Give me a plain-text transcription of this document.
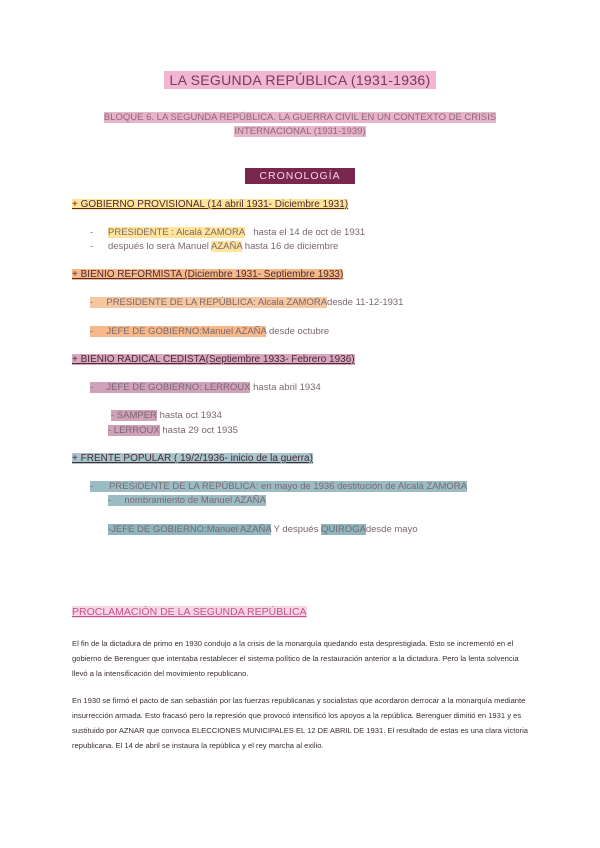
LA SEGUNDA REPÚBLICA (1931-1936)
BLOQUE 6. LA SEGUNDA REPÚBLICA. LA GUERRA CIVIL EN UN CONTEXTO DE CRISIS INTERNACIONAL (1931-1939)
CRONOLOGÍA
+ GOBIERNO PROVISIONAL (14 abril 1931- Diciembre 1931)
- PRESIDENTE : Alcalá ZAMORA hasta el 14 de oct de 1931
- después lo será Manuel AZAÑA hasta 16 de diciembre
+ BIENIO REFORMISTA (Diciembre 1931- Septiembre 1933)
-     PRESIDENTE DE LA REPÚBLICA: Alcala ZAMORAdesde 11-12-1931
-     JEFE DE GOBIERNO:Manuel AZAÑA desde octubre
+ BIENIO RADICAL CEDISTA(Septiembre 1933- Febrero 1936)
-     JEFE DE GOBIERNO: LERROUX hasta abril 1934
- SAMPER hasta oct 1934
- LERROUX hasta 29 oct 1935
+ FRENTE POPULAR ( 19/2/1936- inicio de la guerra)
-      PRESIDENTE DE LA REPÚBLICA: en mayo de 1936 destitución de Alcalá ZAMORA
-     nombramiento de Manuel AZAÑA
-JEFE DE GOBIERNO:Manuel AZAÑA Y después QUIROGAdesde mayo
PROCLAMACIÓN DE LA SEGUNDA REPÚBLICA
El fin de la dictadura de primo en 1930 condujo a la crisis de la monarquía quedando esta desprestigiada. Esto se incrementó en el gobierno de Berenguer que intentaba restablecer el sistema político de la restauración anterior a la dictadura. Pero la lenta solvencia llevó a la intensificación del movimiento republicano.
En 1930 se firmó el pacto de san sebastián por las fuerzas republicanas y socialistas que acordaron derrocar a la monarquía mediante insurrección armada. Esto fracasó pero la represión que provocó intensificó los apoyos a la república. Berenguer dimitió en 1931 y es sustituido por AZNAR que convoca ELECCIONES MUNICIPALES EL 12 DE ABRIL DE 1931. El resultado de estas es una clara victoria republicana. El 14 de abril se instaura la república y el rey marcha al exilio.
